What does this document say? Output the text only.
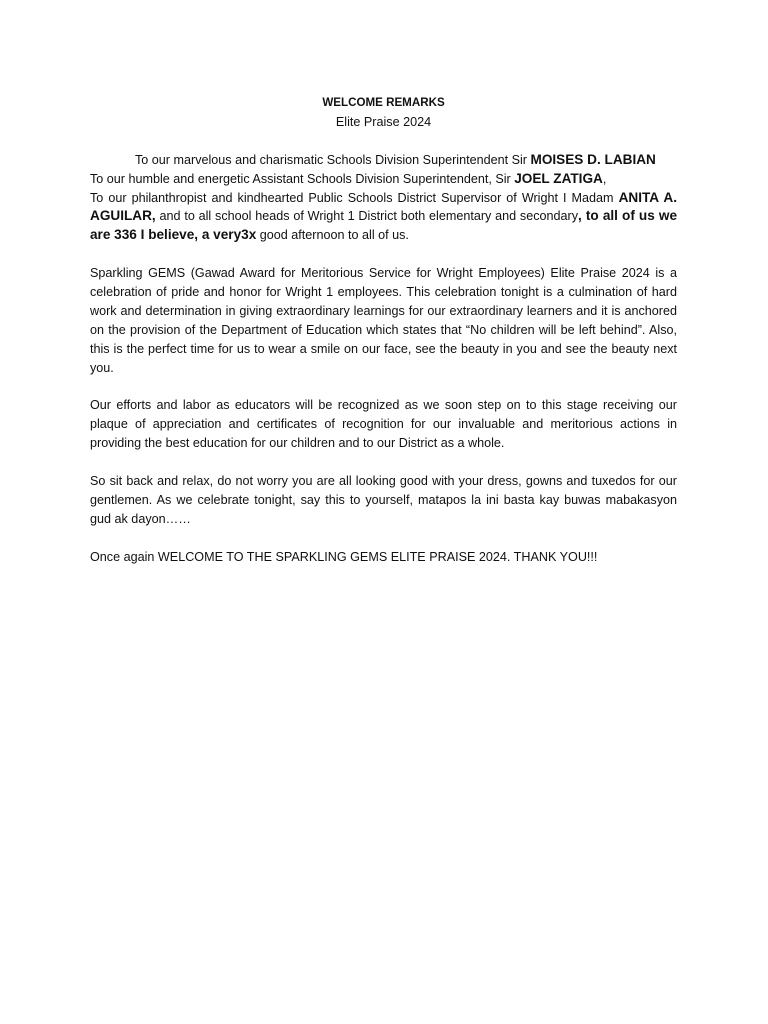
WELCOME REMARKS

Elite Praise 2024

To our marvelous and charismatic Schools Division Superintendent Sir MOISES D. LABIAN

To our humble and energetic Assistant Schools Division Superintendent, Sir JOEL ZATIGA,

To our philanthropist and kindhearted Public Schools District Supervisor of Wright I Madam ANITA A. AGUILAR, and to all school heads of Wright 1 District both elementary and secondary, to all of us we are 336 I believe, a very3x good afternoon to all of us.

Sparkling GEMS (Gawad Award for Meritorious Service for Wright Employees) Elite Praise 2024 is a celebration of pride and honor for Wright 1 employees. This celebration tonight is a culmination of hard work and determination in giving extraordinary learnings for our extraordinary learners and it is anchored on the provision of the Department of Education which states that “No children will be left behind”. Also, this is the perfect time for us to wear a smile on our face, see the beauty in you and see the beauty next you.

Our efforts and labor as educators will be recognized as we soon step on to this stage receiving our plaque of appreciation and certificates of recognition for our invaluable and meritorious actions in providing the best education for our children and to our District as a whole.

So sit back and relax, do not worry you are all looking good with your dress, gowns and tuxedos for our gentlemen. As we celebrate tonight, say this to yourself, matapos la ini basta kay buwas mabakasyon gud ak dayon……

Once again WELCOME TO THE SPARKLING GEMS ELITE PRAISE 2024. THANK YOU!!!
